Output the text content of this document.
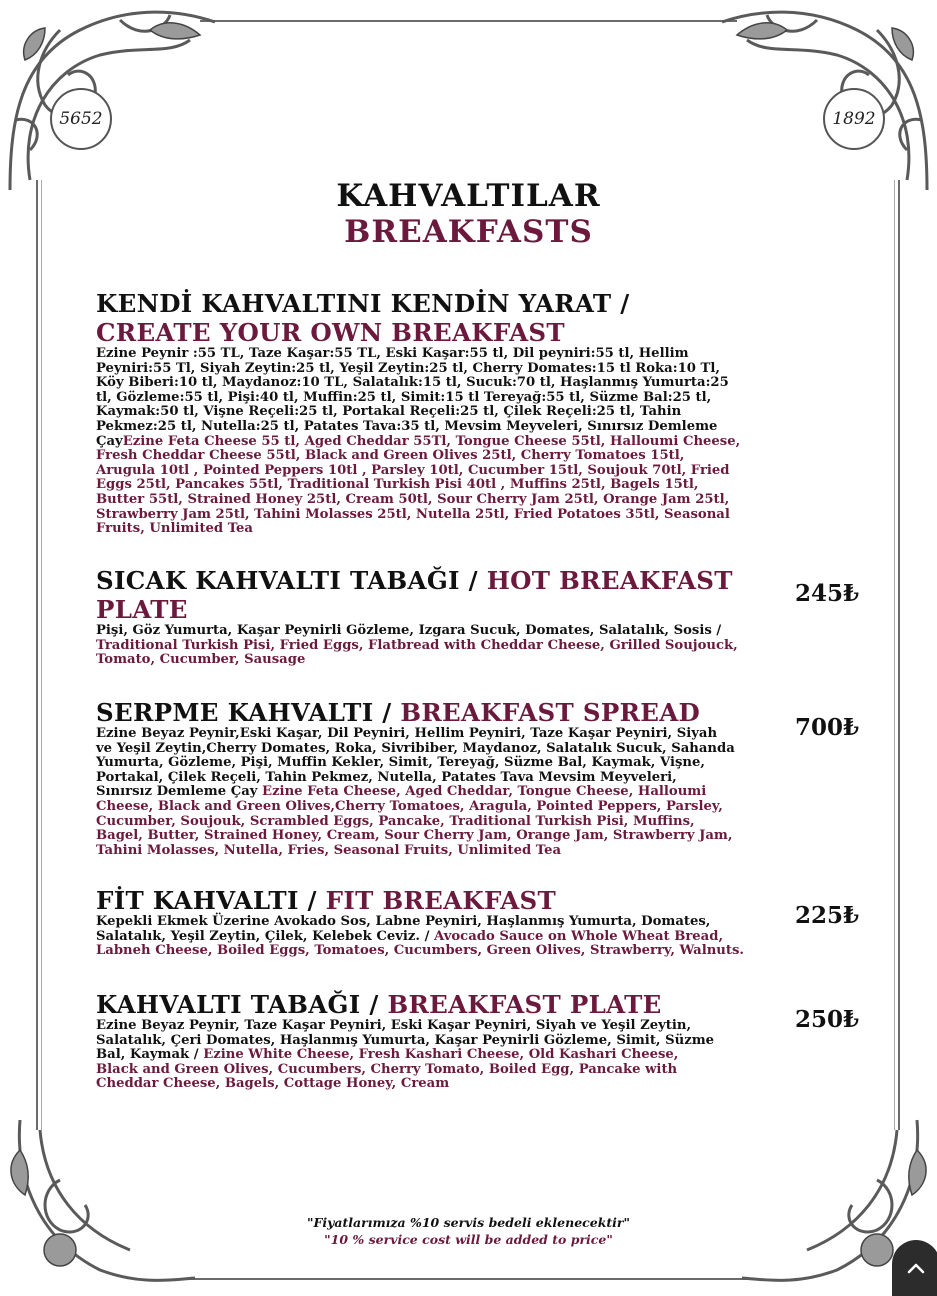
5652	1892
KAHVALTILAR
BREAKFASTS
KENDİ KAHVALTINI KENDİN YARAT / CREATE YOUR OWN BREAKFAST
Ezine Peynir :55 TL, Taze Kaşar:55 TL, Eski Kaşar:55 tl, Dil peyniri:55 tl, Hellim Peyniri:55 Tl, Siyah Zeytin:25 tl, Yeşil Zeytin:25 tl, Cherry Domates:15 tl Roka:10 Tl, Köy Biberi:10 tl, Maydanoz:10 TL, Salatalık:15 tl, Sucuk:70 tl, Haşlanmış Yumurta:25 tl, Gözleme:55 tl, Pişi:40 tl, Muffin:25 tl, Simit:15 tl Tereyağ:55 tl, Süzme Bal:25 tl, Kaymak:50 tl, Vişne Reçeli:25 tl, Portakal Reçeli:25 tl, Çilek Reçeli:25 tl, Tahin Pekmez:25 tl, Nutella:25 tl, Patates Tava:35 tl, Mevsim Meyveleri, Sınırsız Demleme ÇayEzine Feta Cheese 55 tl, Aged Cheddar 55Tl, Tongue Cheese 55tl, Halloumi Cheese, Fresh Cheddar Cheese 55tl, Black and Green Olives 25tl, Cherry Tomatoes 15tl, Arugula 10tl , Pointed Peppers 10tl , Parsley 10tl, Cucumber 15tl, Soujouk 70tl, Fried Eggs 25tl, Pancakes 55tl, Traditional Turkish Pisi 40tl , Muffins 25tl, Bagels 15tl, Butter 55tl, Strained Honey 25tl, Cream 50tl, Sour Cherry Jam 25tl, Orange Jam 25tl, Strawberry Jam 25tl, Tahini Molasses 25tl, Nutella 25tl, Fried Potatoes 35tl, Seasonal Fruits, Unlimited Tea
SICAK KAHVALTI TABAĞI / HOT BREAKFAST PLATE
Pişi, Göz Yumurta, Kaşar Peynirli Gözleme, Izgara Sucuk, Domates, Salatalık, Sosis / Traditional Turkish Pisi, Fried Eggs, Flatbread with Cheddar Cheese, Grilled Soujouck, Tomato, Cucumber, Sausage
245₺
SERPME KAHVALTI / BREAKFAST SPREAD
Ezine Beyaz Peynir,Eski Kaşar, Dil Peyniri, Hellim Peyniri, Taze Kaşar Peyniri, Siyah ve Yeşil Zeytin,Cherry Domates, Roka, Sivribiber, Maydanoz, Salatalık Sucuk, Sahanda Yumurta, Gözleme, Pişi, Muffin Kekler, Simit, Tereyağ, Süzme Bal, Kaymak, Vişne, Portakal, Çilek Reçeli, Tahin Pekmez, Nutella, Patates Tava Mevsim Meyveleri, Sınırsız Demleme Çay Ezine Feta Cheese, Aged Cheddar, Tongue Cheese, Halloumi Cheese, Black and Green Olives,Cherry Tomatoes, Aragula, Pointed Peppers, Parsley, Cucumber, Soujouk, Scrambled Eggs, Pancake, Traditional Turkish Pisi, Muffins, Bagel, Butter, Strained Honey, Cream, Sour Cherry Jam, Orange Jam, Strawberry Jam, Tahini Molasses, Nutella, Fries, Seasonal Fruits, Unlimited Tea
700₺
FİT KAHVALTI / FIT BREAKFAST
Kepekli Ekmek Üzerine Avokado Sos, Labne Peyniri, Haşlanmış Yumurta, Domates, Salatalık, Yeşil Zeytin, Çilek, Kelebek Ceviz. / Avocado Sauce on Whole Wheat Bread, Labneh Cheese, Boiled Eggs, Tomatoes, Cucumbers, Green Olives, Strawberry, Walnuts.
225₺
KAHVALTI TABAĞI / BREAKFAST PLATE
Ezine Beyaz Peynir, Taze Kaşar Peyniri, Eski Kaşar Peyniri, Siyah ve Yeşil Zeytin, Salatalık, Çeri Domates, Haşlanmış Yumurta, Kaşar Peynirli Gözleme, Simit, Süzme Bal, Kaymak / Ezine White Cheese, Fresh Kashari Cheese, Old Kashari Cheese, Black and Green Olives, Cucumbers, Cherry Tomato, Boiled Egg, Pancake with Cheddar Cheese, Bagels, Cottage Honey, Cream
250₺
"Fiyatlarımıza %10 servis bedeli eklenecektir"
"10 % service cost will be added to price"
